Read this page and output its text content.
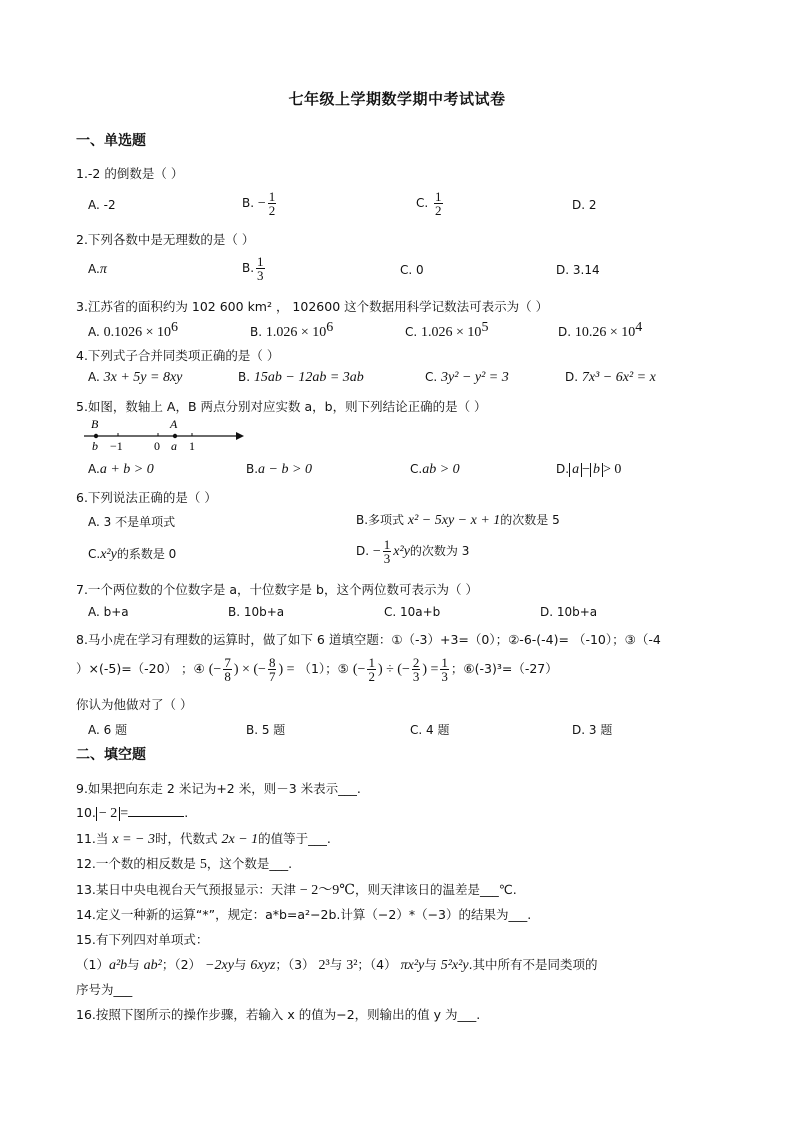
七年级上学期数学期中考试试卷
一、单选题
1.-2 的倒数是（ ）
A. -2	B. − $\frac{1}{2}$	C. $\frac{1}{2}$	D. 2
2.下列各数中是无理数的是（ ）
A.π	B. $\frac{1}{3}$	C. 0	D. 3.14
3.江苏省的面积约为 102 600 km² ， 102600 这个数据用科学记数法可表示为（ ）
A. $0.1026 \times 10^6$	B. $1.026 \times 10^6$	C. $1.026 \times 10^5$	D. $10.26 \times 10^4$
4.下列式子合并同类项正确的是（ ）
A. 3x + 5y = 8xy	B. 15ab − 12ab = 3ab	C. 3y² − y² = 3	D. 7x³ − 6x² = x
5.如图，数轴上 A，B 两点分别对应实数 a，b，则下列结论正确的是（ ）
B	A
b −1	0 a 1
A.a + b > 0	B.a − b > 0	C.ab > 0	D. a − b > 0
6.下列说法正确的是（ ）
A. 3 不是单项式	B.多项式 x² − 5xy − x + 1的次数是 5
C.x²y的系数是 0	D. − $\frac{1}{3} x^2y$的次数为 3
7.一个两位数的个位数字是 a，十位数字是 b，这个两位数可表示为（ ）
A. b+a	B. 10b+a	C. 10a+b	D. 10b+a
8.马小虎在学习有理数的运算时，做了如下 6 道填空题：①（-3）+3=（0）；②-6-(-4)= （-10）；③（-4
）×(-5)=（-20） ；④ (− $\frac{7}{8}$ ) × (− $\frac{8}{7}$ ) = （1）；⑤ (− $\frac{1}{2}$ ) ÷ (− $\frac{2}{3}$ ) = $\frac{1}{3}$ ；⑥(-3)³=（-27）
你认为他做对了（ ）
A. 6 题	B. 5 题	C. 4 题	D. 3 题
二、填空题
9.如果把向东走 2 米记为+2 米，则－3 米表示___.
10. − 2 =	.
11.当 x = − 3时，代数式 2x − 1的值等于___.
12.一个数的相反数是 5，这个数是___.
13.某日中央电视台天气预报显示：天津 − 2～9℃，则天津该日的温差是___℃.
14.定义一种新的运算“*”，规定：a*b=a²−2b.计算（−2）*（−3）的结果为___.
15.有下列四对单项式：
（1）a²b与 ab²；（2） −2xy与 6xyz；（3） 2³与 3²；（4） πx²y与 5²x²y.其中所有不是同类项的
序号为___
16.按照下图所示的操作步骤，若输入 x 的值为−2，则输出的值 y 为___.
